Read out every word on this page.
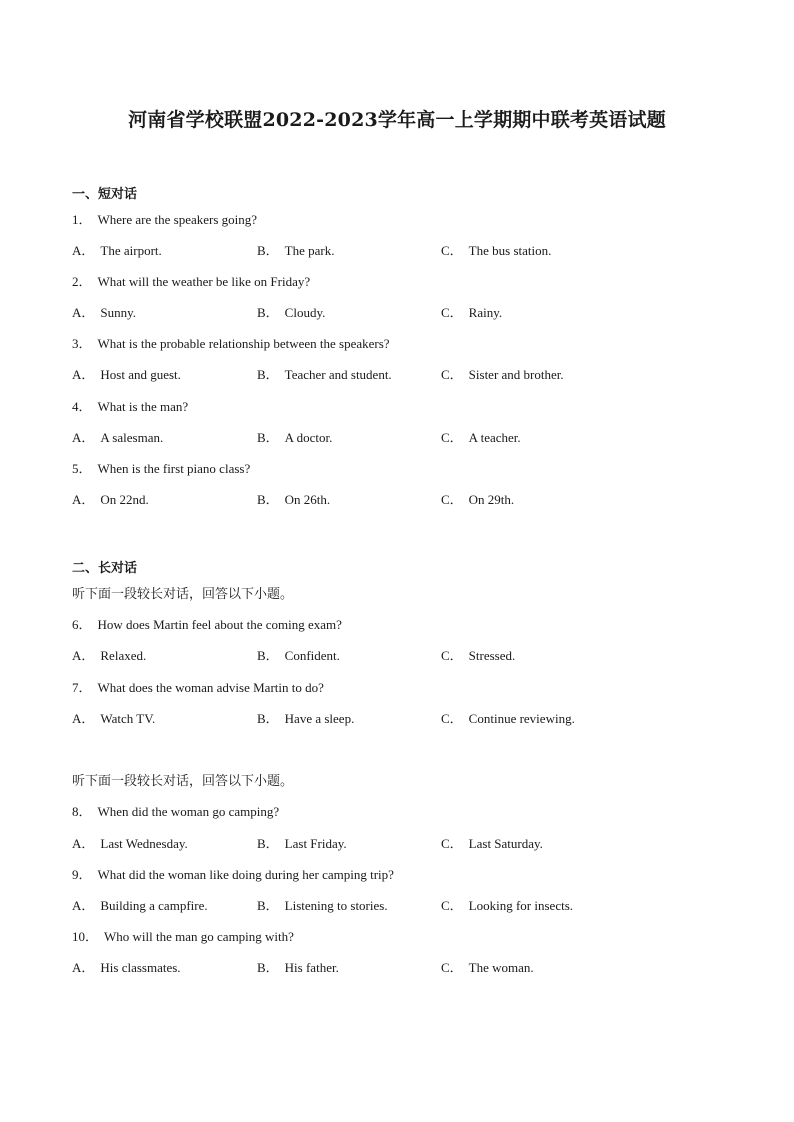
河南省学校联盟2022-2023学年高一上学期期中联考英语试题
一、短对话
1． Where are the speakers going?
A． The airport.	B． The park.	C． The bus station.
2． What will the weather be like on Friday?
A． Sunny.	B． Cloudy.	C． Rainy.
3． What is the probable relationship between the speakers?
A． Host and guest.	B． Teacher and student.	C． Sister and brother.
4． What is the man?
A． A salesman.	B． A doctor.	C． A teacher.
5． When is the first piano class?
A． On 22nd.	B． On 26th.	C． On 29th.
二、长对话
听下面一段较长对话，回答以下小题。
6． How does Martin feel about the coming exam?
A． Relaxed.	B． Confident.	C． Stressed.
7． What does the woman advise Martin to do?
A． Watch TV.	B． Have a sleep.	C． Continue reviewing.
听下面一段较长对话，回答以下小题。
8． When did the woman go camping?
A． Last Wednesday.	B． Last Friday.	C． Last Saturday.
9． What did the woman like doing during her camping trip?
A． Building a campfire.	B． Listening to stories.	C． Looking for insects.
10． Who will the man go camping with?
A． His classmates.	B． His father.	C． The woman.
